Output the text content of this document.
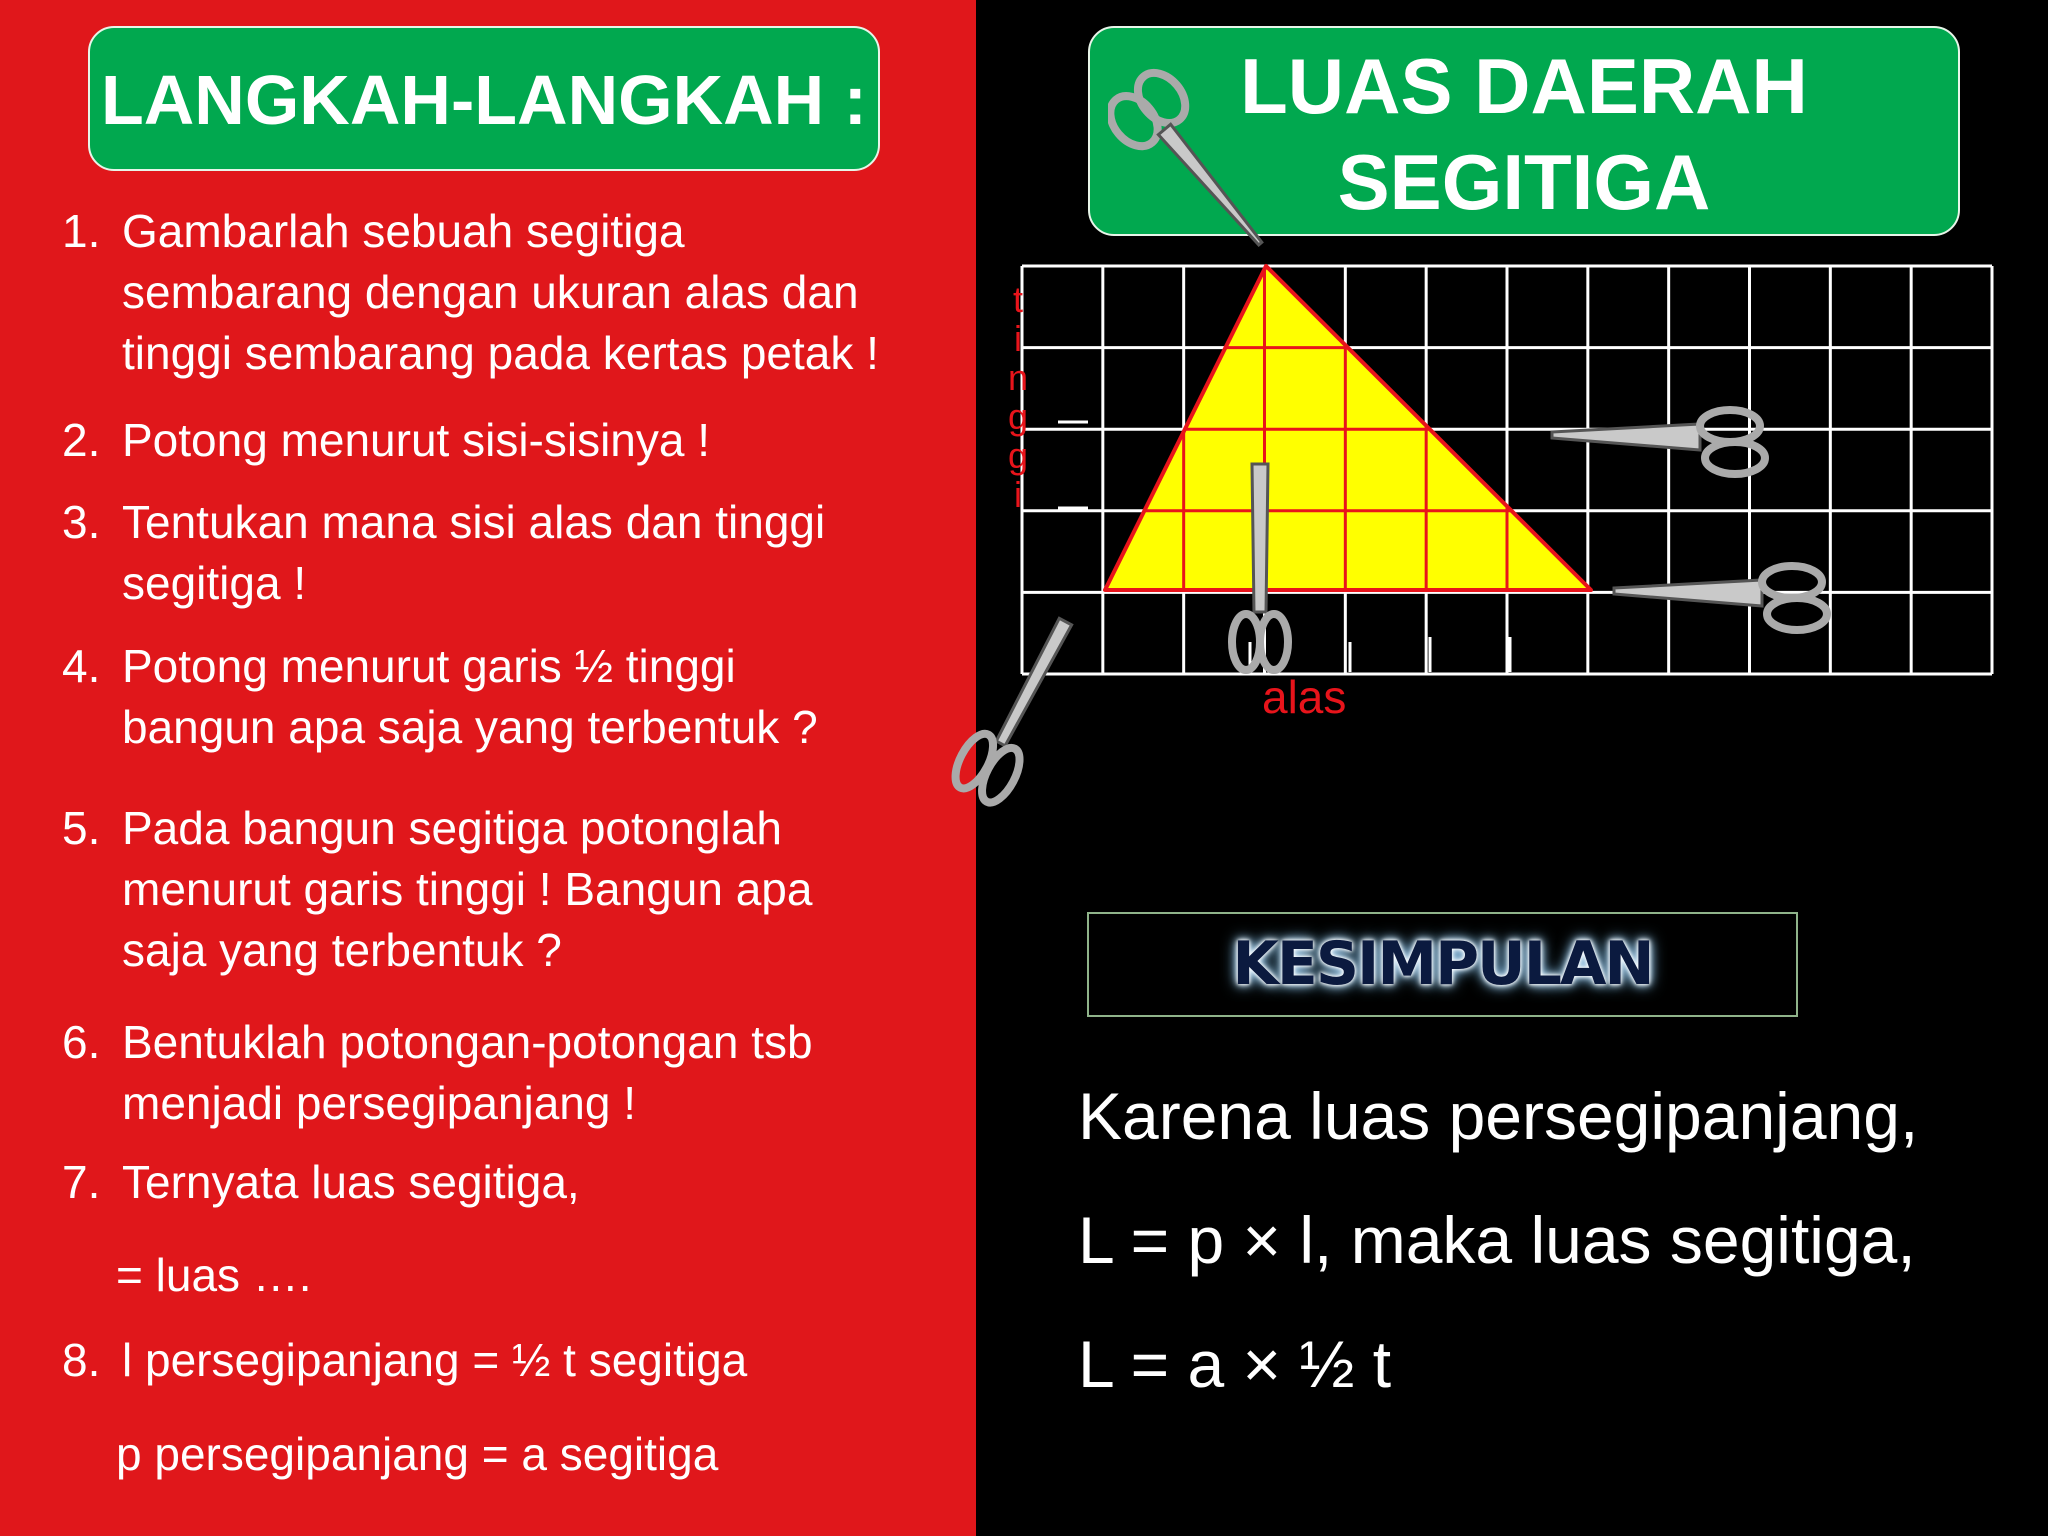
LANGKAH-LANGKAH :	LUAS DAERAH
SEGITIGA
1. Gambarlah sebuah segitiga
sembarang dengan ukuran alas dan
tinggi sembarang pada kertas petak !
2. Potong menurut sisi-sisinya !
3. Tentukan mana sisi alas dan tinggi
segitiga !
4. Potong menurut garis ½ tinggi
bangun apa saja yang terbentuk ?
5. Pada bangun segitiga potonglah
menurut garis tinggi ! Bangun apa
saja yang terbentuk ?
6. Bentuklah potongan-potongan tsb
menjadi persegipanjang !
7. Ternyata luas segitiga,
= luas ….
8. l persegipanjang = ½ t segitiga
p persegipanjang = a segitiga
t
i
n
g
g
i
alas
KESIMPULAN
Karena luas persegipanjang,
L = p × l, maka luas segitiga,
L = a × ½ t
